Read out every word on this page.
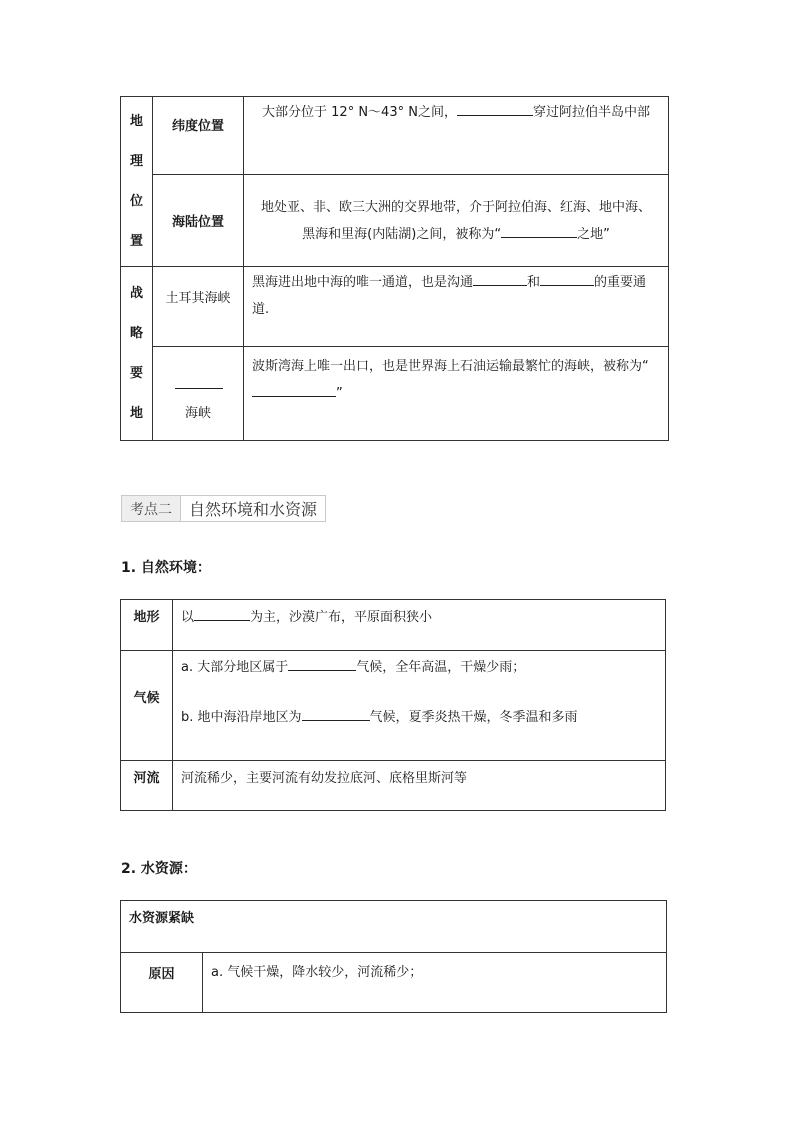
地
理
位
置	纬度位置	大部分位于 12° N～43° N之间， 穿过阿拉伯半岛中部
	海陆位置	地处亚、非、欧三大洲的交界地带，介于阿拉伯海、红海、地中海、黑海和里海(内陆湖)之间，被称为“ 之地”

战
略
要
地	土耳其海峡	黑海进出地中海的唯一通道，也是沟通 和 的重要通道.

	海峡	波斯湾海上唯一出口，也是世界海上石油运输最繁忙的海峡，被称为“”
考点二	自然环境和水资源
1. 自然环境：
地形	以 为主，沙漠广布，平原面积狭小
气候	a. 大部分地区属于 气候，全年高温，干燥少雨；
b. 地中海沿岸地区为 气候，夏季炎热干燥，冬季温和多雨

河流	河流稀少，主要河流有幼发拉底河、底格里斯河等
2. 水资源：
水资源紧缺
原因	a. 气候干燥，降水较少，河流稀少；
